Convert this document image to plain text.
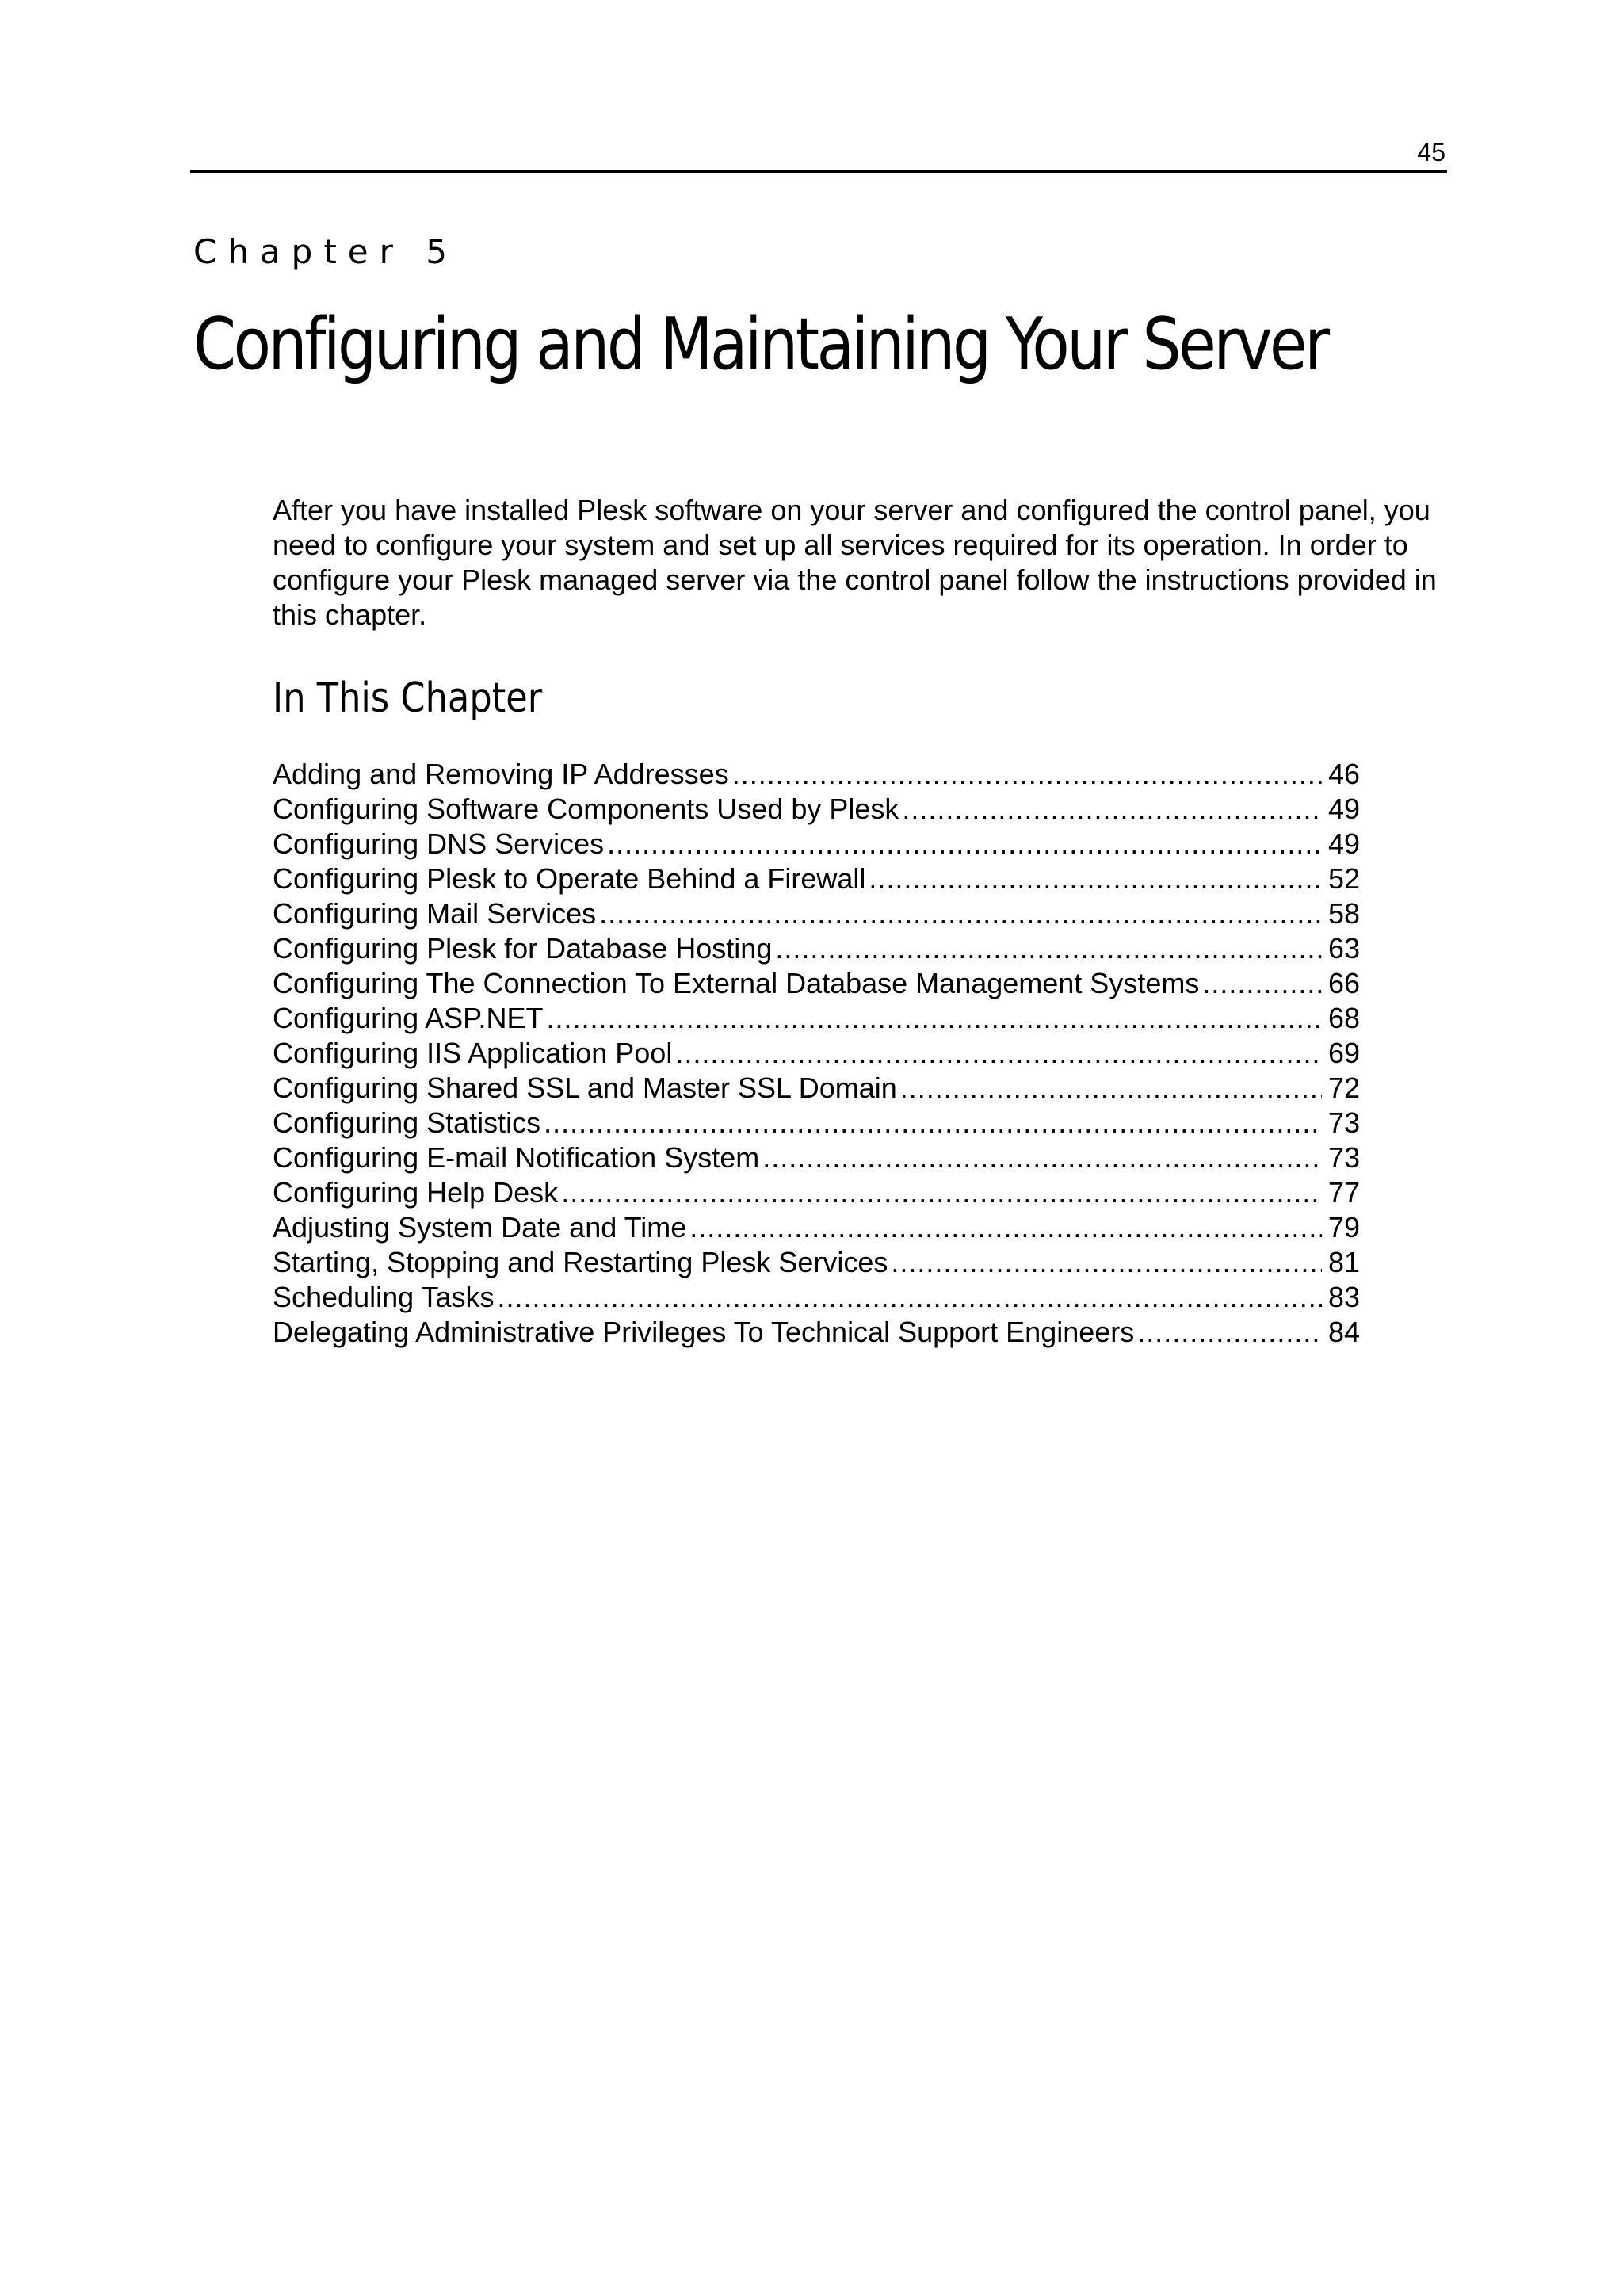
45
Chapter 5
Configuring and Maintaining Your Server

After you have installed Plesk software on your server and configured the control panel, you need to configure your system and set up all services required for its operation. In order to configure your Plesk managed server via the control panel follow the instructions provided in this chapter.

In This Chapter
Adding and Removing IP Addresses .....	46
Configuring Software Components Used by Plesk .....	49
Configuring DNS Services .....	49
Configuring Plesk to Operate Behind a Firewall .....	52
Configuring Mail Services .....	58
Configuring Plesk for Database Hosting .....	63
Configuring The Connection To External Database Management Systems .....	66
Configuring ASP.NET .....	68
Configuring IIS Application Pool .....	69
Configuring Shared SSL and Master SSL Domain .....	72
Configuring Statistics .....	73
Configuring E-mail Notification System .....	73
Configuring Help Desk .....	77
Adjusting System Date and Time .....	79
Starting, Stopping and Restarting Plesk Services .....	81
Scheduling Tasks .....	83
Delegating Administrative Privileges To Technical Support Engineers .....	84
